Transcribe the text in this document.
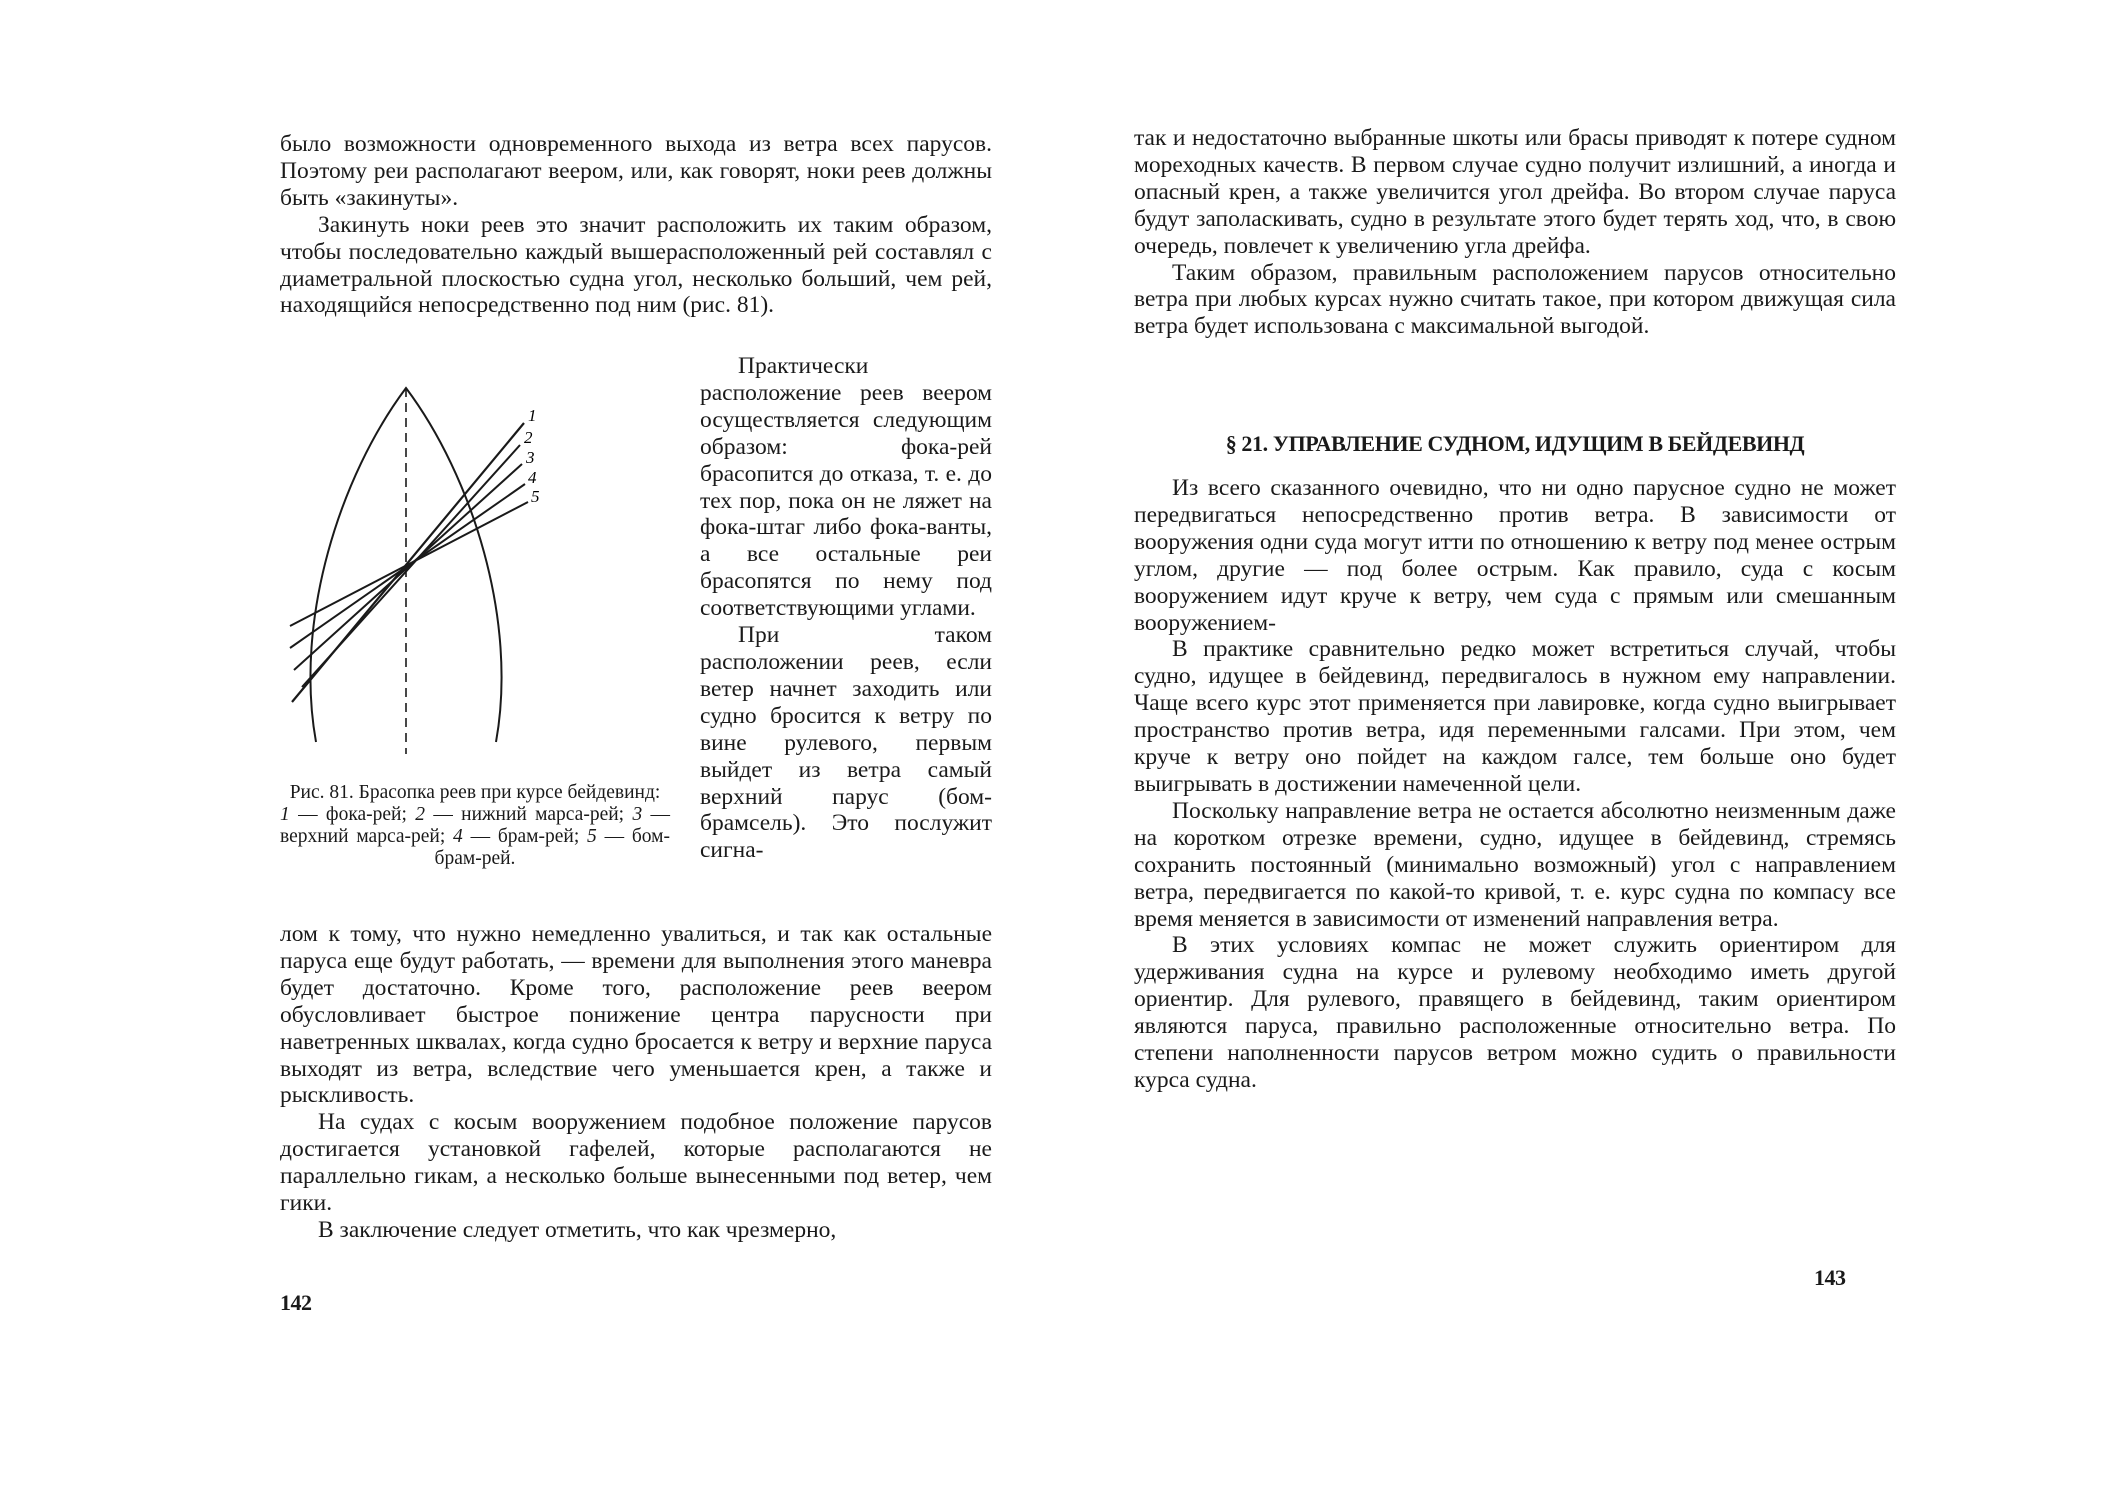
было возможности одновременного выхода из ветра всех парусов. Поэтому реи располагают веером, или, как говорят, ноки реев должны быть «закинуты».

Закинуть ноки реев это значит расположить их таким образом, чтобы последовательно каждый вышерасположенный рей составлял с диаметральной плоскостью судна угол, несколько больший, чем рей, находящийся непосредственно под ним (рис. 81).

1
2
3
4
5

Практически расположение реев веером осуществляется следующим образом: фока-рей брасопится до отказа, т. е. до тех пор, пока он не ляжет на фока-штаг либо фока-ванты, а все остальные реи брасопятся по нему под соответствующими углами.

При таком расположении реев, если ветер начнет заходить или судно бросится к ветру по вине рулевого, первым выйдет из ветра самый верхний парус (бом-брамсель). Это послужит сигна-

Рис. 81. Брасопка реев при курсе бейдевинд:
1 — фока-рей; 2 — нижний марса-рей; 3 — верхний марса-рей; 4 — брам-рей; 5 — бом-брам-рей.

лом к тому, что нужно немедленно увалиться, и так как остальные паруса еще будут работать, — времени для выполнения этого маневра будет достаточно. Кроме того, расположение реев веером обусловливает быстрое понижение центра парусности при наветренных шквалах, когда судно бросается к ветру и верхние паруса выходят из ветра, вследствие чего уменьшается крен, а также и рыскливость.

На судах с косым вооружением подобное положение парусов достигается установкой гафелей, которые располагаются не параллельно гикам, а несколько больше вынесенными под ветер, чем гики.

В заключение следует отметить, что как чрезмерно,

142

так и недостаточно выбранные шкоты или брасы приводят к потере судном мореходных качеств. В первом случае судно получит излишний, а иногда и опасный крен, а также увеличится угол дрейфа. Во втором случае паруса будут заполаскивать, судно в результате этого будет терять ход, что, в свою очередь, повлечет к увеличению угла дрейфа.

Таким образом, правильным расположением парусов относительно ветра при любых курсах нужно считать такое, при котором движущая сила ветра будет использована с максимальной выгодой.

§ 21. УПРАВЛЕНИЕ СУДНОМ, ИДУЩИМ В БЕЙДЕВИНД

Из всего сказанного очевидно, что ни одно парусное судно не может передвигаться непосредственно против ветра. В зависимости от вооружения одни суда могут итти по отношению к ветру под менее острым углом, другие — под более острым. Как правило, суда с косым вооружением идут круче к ветру, чем суда с прямым или смешанным вооружением-

В практике сравнительно редко может встретиться случай, чтобы судно, идущее в бейдевинд, передвигалось в нужном ему направлении. Чаще всего курс этот применяется при лавировке, когда судно выигрывает пространство против ветра, идя переменными галсами. При этом, чем круче к ветру оно пойдет на каждом галсе, тем больше оно будет выигрывать в достижении намеченной цели.

Поскольку направление ветра не остается абсолютно неизменным даже на коротком отрезке времени, судно, идущее в бейдевинд, стремясь сохранить постоянный (минимально возможный) угол с направлением ветра, передвигается по какой-то кривой, т. е. курс судна по компасу все время меняется в зависимости от изменений направления ветра.

В этих условиях компас не может служить ориентиром для удерживания судна на курсе и рулевому необходимо иметь другой ориентир. Для рулевого, правящего в бейдевинд, таким ориентиром являются паруса, правильно расположенные относительно ветра. По степени наполненности парусов ветром можно судить о правильности курса судна.

143
